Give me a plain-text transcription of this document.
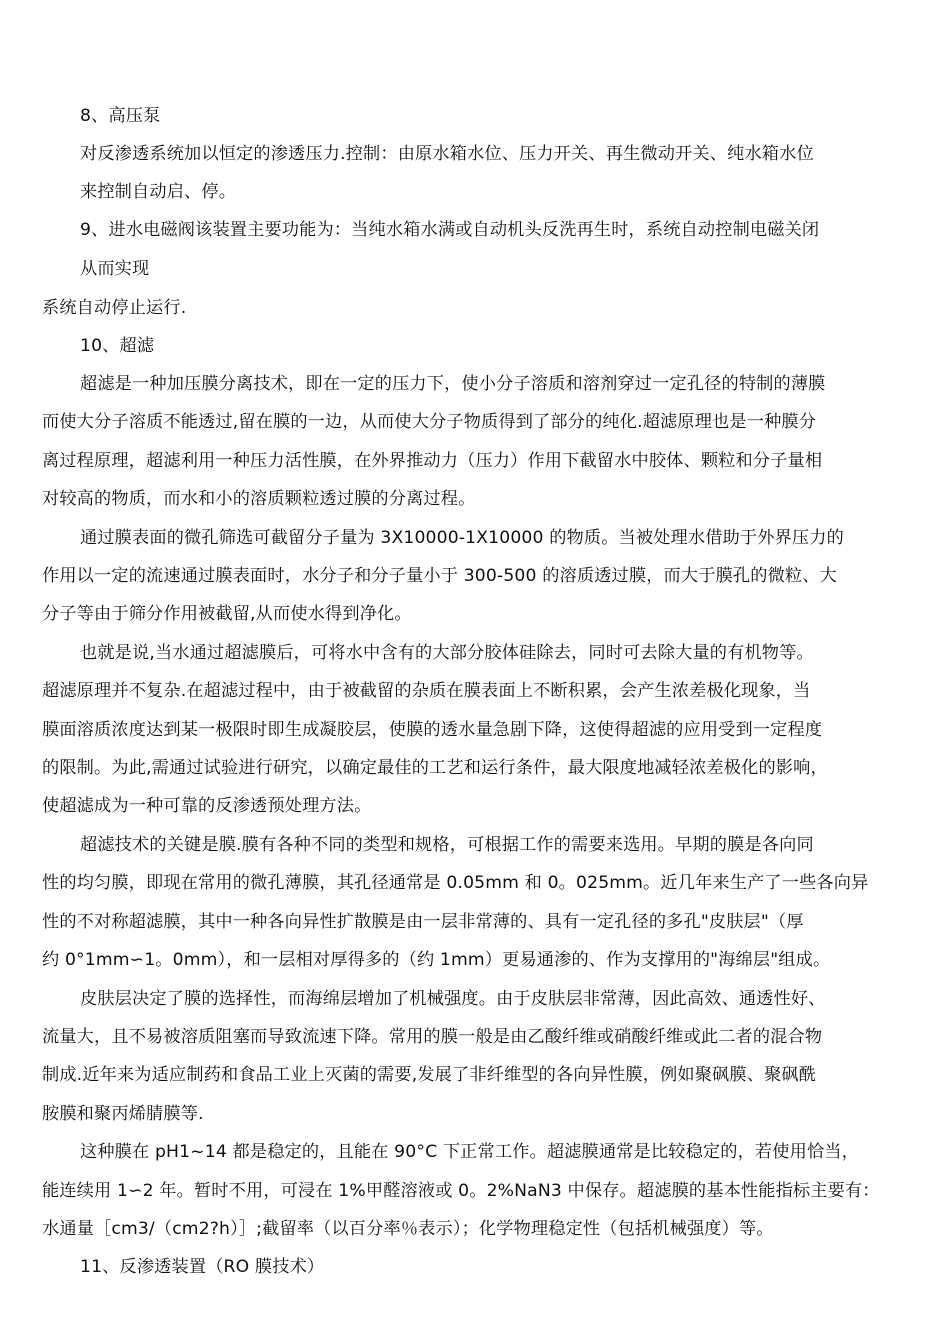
8、高压泵
对反渗透系统加以恒定的渗透压力.控制：由原水箱水位、压力开关、再生微动开关、纯水箱水位
来控制自动启、停。
9、进水电磁阀该装置主要功能为：当纯水箱水满或自动机头反洗再生时，系统自动控制电磁关闭
从而实现
系统自动停止运行.
10、超滤
超滤是一种加压膜分离技术，即在一定的压力下，使小分子溶质和溶剂穿过一定孔径的特制的薄膜
而使大分子溶质不能透过,留在膜的一边，从而使大分子物质得到了部分的纯化.超滤原理也是一种膜分
离过程原理，超滤利用一种压力活性膜，在外界推动力（压力）作用下截留水中胶体、颗粒和分子量相
对较高的物质，而水和小的溶质颗粒透过膜的分离过程。
通过膜表面的微孔筛选可截留分子量为 3X10000-1X10000 的物质。当被处理水借助于外界压力的
作用以一定的流速通过膜表面时，水分子和分子量小于 300-500 的溶质透过膜，而大于膜孔的微粒、大
分子等由于筛分作用被截留,从而使水得到净化。
也就是说,当水通过超滤膜后，可将水中含有的大部分胶体硅除去，同时可去除大量的有机物等。
超滤原理并不复杂.在超滤过程中，由于被截留的杂质在膜表面上不断积累，会产生浓差极化现象，当
膜面溶质浓度达到某一极限时即生成凝胶层，使膜的透水量急剧下降，这使得超滤的应用受到一定程度
的限制。为此,需通过试验进行研究，以确定最佳的工艺和运行条件，最大限度地减轻浓差极化的影响，
使超滤成为一种可靠的反渗透预处理方法。
超滤技术的关键是膜.膜有各种不同的类型和规格，可根据工作的需要来选用。早期的膜是各向同
性的均匀膜，即现在常用的微孔薄膜，其孔径通常是 0.05mm 和 0。025mm。近几年来生产了一些各向异
性的不对称超滤膜，其中一种各向异性扩散膜是由一层非常薄的、具有一定孔径的多孔"皮肤层"（厚
约 0°1mm∽1。0mm），和一层相对厚得多的（约 1mm）更易通渗的、作为支撑用的"海绵层"组成。
皮肤层决定了膜的选择性，而海绵层增加了机械强度。由于皮肤层非常薄，因此高效、通透性好、
流量大，且不易被溶质阻塞而导致流速下降。常用的膜一般是由乙酸纤维或硝酸纤维或此二者的混合物
制成.近年来为适应制药和食品工业上灭菌的需要,发展了非纤维型的各向异性膜，例如聚砜膜、聚砜酰
胺膜和聚丙烯腈膜等.
这种膜在 pH1~14 都是稳定的，且能在 90°C 下正常工作。超滤膜通常是比较稳定的，若使用恰当，
能连续用 1∽2 年。暂时不用，可浸在 1%甲醛溶液或 0。2%NaN3 中保存。超滤膜的基本性能指标主要有：
水通量［cm3/（cm2?h）］;截留率（以百分率％表示）；化学物理稳定性（包括机械强度）等。
11、反渗透装置（RO 膜技术）
